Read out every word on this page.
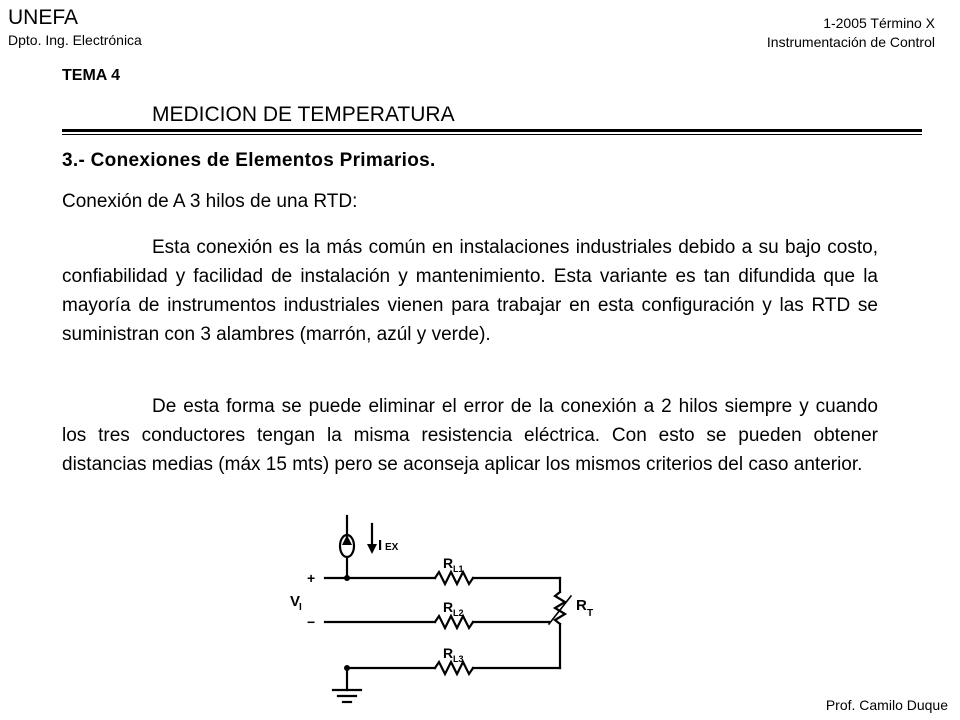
UNEFA
Dpto. Ing. Electrónica
1-2005 Término X
Instrumentación de Control
TEMA 4
MEDICION DE TEMPERATURA
3.- Conexiones de Elementos Primarios.
Conexión de A 3 hilos de una RTD:

Esta conexión es la más común en instalaciones industriales debido a su bajo costo, confiabilidad y facilidad de instalación y mantenimiento. Esta variante es tan difundida que la mayoría de instrumentos industriales vienen para trabajar en esta configuración y las RTD se suministran con 3 alambres (marrón, azúl y verde).

De esta forma se puede eliminar el error de la conexión a 2 hilos siempre y cuando los tres conductores tengan la misma resistencia eléctrica. Con esto se pueden obtener distancias medias (máx 15 mts) pero se aconseja aplicar los mismos criterios del caso anterior.

I EX
V
I
+
−
R L1
R L2
R L3
R T
Prof. Camilo Duque
